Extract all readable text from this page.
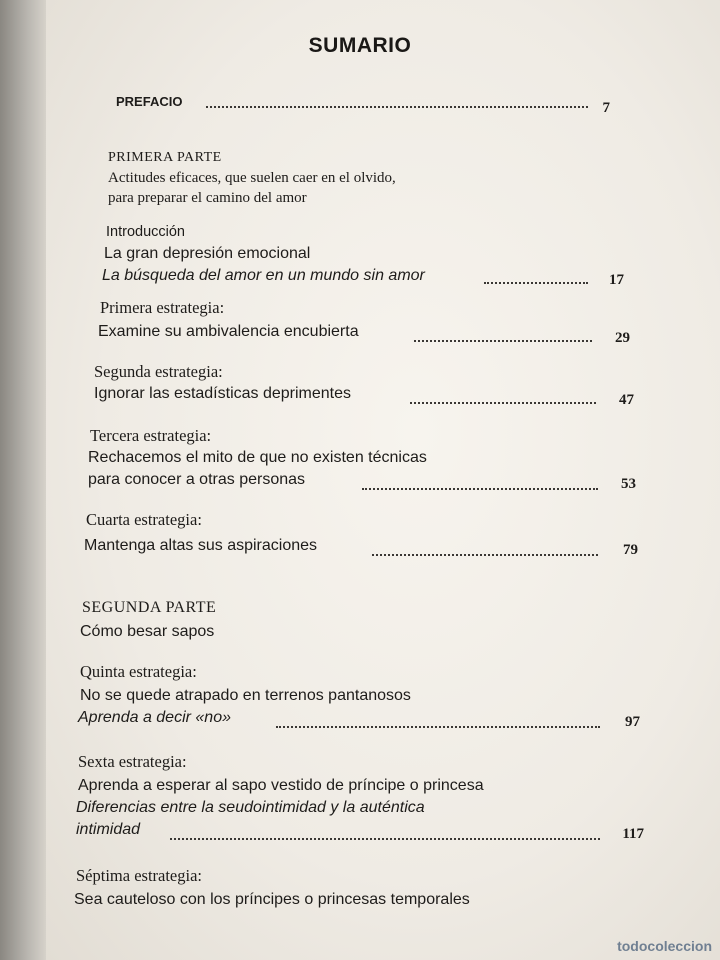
SUMARIO
PREFACIO	7
PRIMERA PARTE
Actitudes eficaces, que suelen caer en el olvido,
para preparar el camino del amor
Introducción
La gran depresión emocional
La búsqueda del amor en un mundo sin amor	17
Primera estrategia:
Examine su ambivalencia encubierta	29
Segunda estrategia:
Ignorar las estadísticas deprimentes	47
Tercera estrategia:
Rechacemos el mito de que no existen técnicas
para conocer a otras personas	53
Cuarta estrategia:
Mantenga altas sus aspiraciones	79
SEGUNDA PARTE
Cómo besar sapos
Quinta estrategia:
No se quede atrapado en terrenos pantanosos
Aprenda a decir «no»	97
Sexta estrategia:
Aprenda a esperar al sapo vestido de príncipe o princesa
Diferencias entre la seudointimidad y la auténtica
intimidad	117
Séptima estrategia:
Sea cauteloso con los príncipes o princesas temporales
todocoleccion
